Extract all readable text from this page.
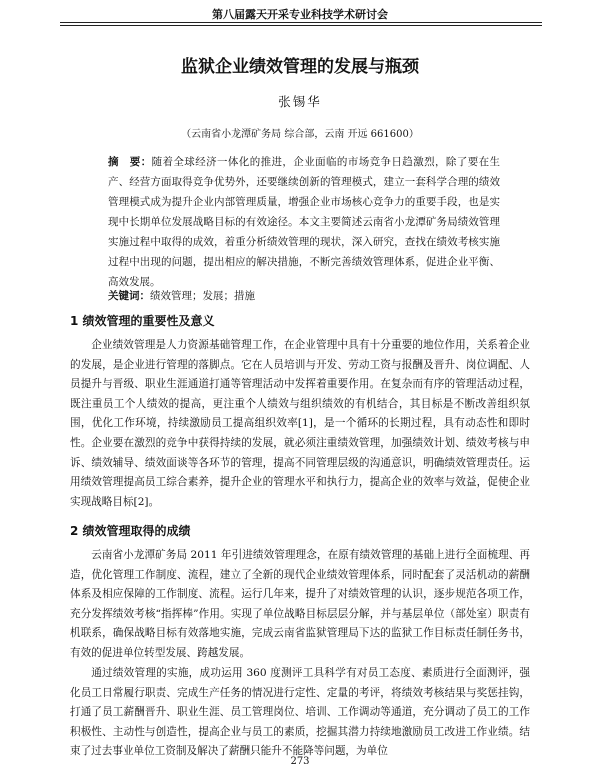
第八届露天开采专业科技学术研讨会
监狱企业绩效管理的发展与瓶颈
张锡华
（云南省小龙潭矿务局 综合部，云南 开远 661600）
摘　要：随着全球经济一体化的推进，企业面临的市场竞争日趋激烈，除了要在生产、经营方面取得竞争优势外，还要继续创新的管理模式，建立一套科学合理的绩效管理模式成为提升企业内部管理质量，增强企业市场核心竞争力的重要手段，也是实现中长期单位发展战略目标的有效途径。本文主要简述云南省小龙潭矿务局绩效管理实施过程中取得的成效，着重分析绩效管理的现状，深入研究，查找在绩效考核实施过程中出现的问题，提出相应的解决措施，不断完善绩效管理体系，促进企业平衡、高效发展。
关键词：绩效管理；发展；措施
1 绩效管理的重要性及意义
企业绩效管理是人力资源基础管理工作，在企业管理中具有十分重要的地位作用，关系着企业的发展，是企业进行管理的落脚点。它在人员培训与开发、劳动工资与报酬及晋升、岗位调配、人员提升与晋级、职业生涯通道打通等管理活动中发挥着重要作用。在复杂而有序的管理活动过程，既注重员工个人绩效的提高，更注重个人绩效与组织绩效的有机结合，其目标是不断改善组织氛围，优化工作环境，持续激励员工提高组织效率[1]，是一个循环的长期过程，具有动态性和即时性。企业要在激烈的竞争中获得持续的发展，就必须注重绩效管理，加强绩效计划、绩效考核与申诉、绩效辅导、绩效面谈等各环节的管理，提高不同管理层级的沟通意识，明确绩效管理责任。运用绩效管理提高员工综合素养，提升企业的管理水平和执行力，提高企业的效率与效益，促使企业实现战略目标[2]。
2 绩效管理取得的成绩
云南省小龙潭矿务局 2011 年引进绩效管理理念，在原有绩效管理的基础上进行全面梳理、再造，优化管理工作制度、流程，建立了全新的现代企业绩效管理体系，同时配套了灵活机动的薪酬体系及相应保障的工作制度、流程。运行几年来，提升了对绩效管理的认识，逐步规范各项工作，充分发挥绩效考核“指挥棒”作用。实现了单位战略目标层层分解，并与基层单位（部处室）职责有机联系，确保战略目标有效落地实施，完成云南省监狱管理局下达的监狱工作目标责任制任务书，有效的促进单位转型发展、跨越发展。
通过绩效管理的实施，成功运用 360 度测评工具科学有对员工态度、素质进行全面测评，强化员工日常履行职责、完成生产任务的情况进行定性、定量的考评，将绩效考核结果与奖惩挂钩，打通了员工薪酬晋升、职业生涯、员工管理岗位、培训、工作调动等通道，充分调动了员工的工作积极性、主动性与创造性，提高企业与员工的素质，挖掘其潜力持续地激励员工改进工作业绩。结束了过去事业单位工资制及解决了薪酬只能升不能降等问题，为单位
273
